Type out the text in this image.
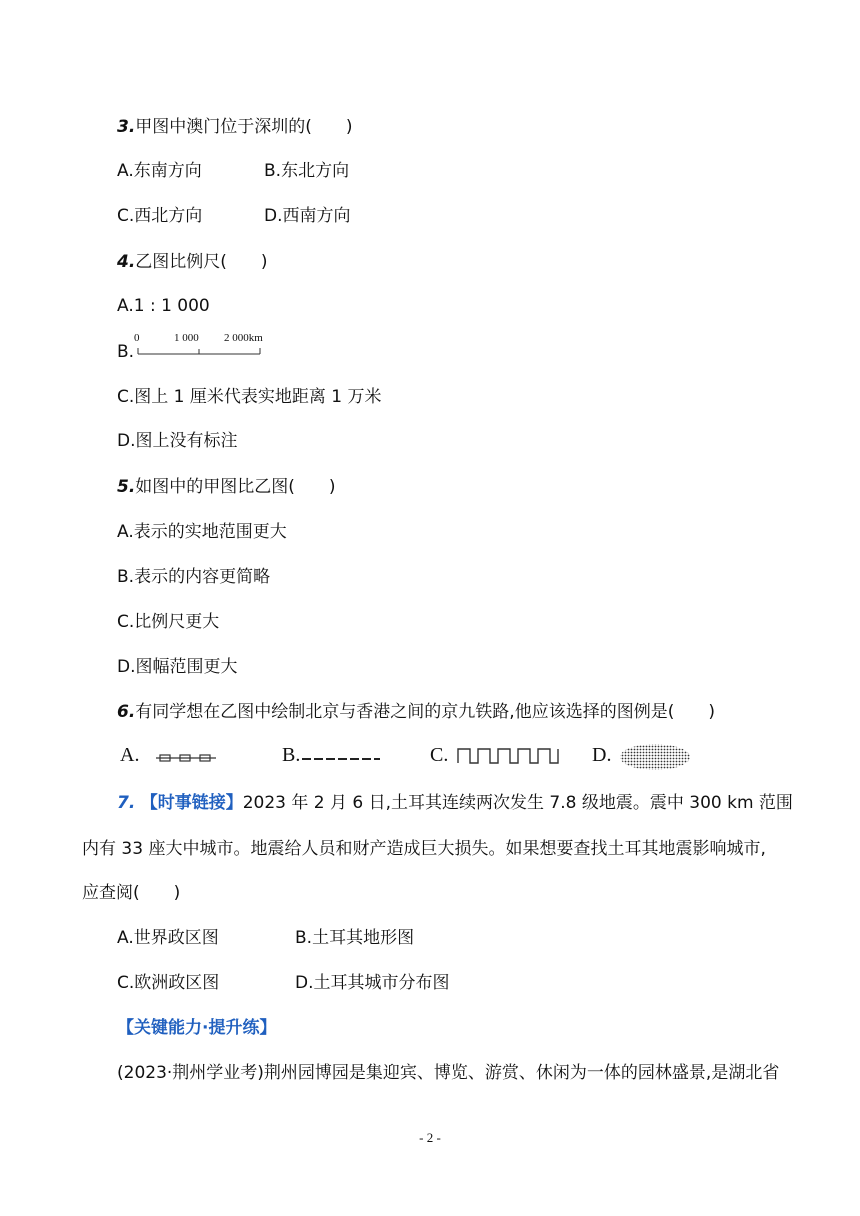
3.甲图中澳门位于深圳的(　　)
A.东南方向	B.东北方向
C.西北方向	D.西南方向
4.乙图比例尺(　　)
A.1 : 1 000
B.
0	1 000 2 000km
C.图上 1 厘米代表实地距离 1 万米
D.图上没有标注
5.如图中的甲图比乙图(　　)
A.表示的实地范围更大
B.表示的内容更简略
C.比例尺更大
D.图幅范围更大
6.有同学想在乙图中绘制北京与香港之间的京九铁路,他应该选择的图例是(　　)
A.	B.	C.	D.
7. 【时事链接】2023 年 2 月 6 日,土耳其连续两次发生 7.8 级地震。震中 300 km 范围
内有 33 座大中城市。地震给人员和财产造成巨大损失。如果想要查找土耳其地震影响城市,
应查阅(　　)
A.世界政区图	B.土耳其地形图
C.欧洲政区图	D.土耳其城市分布图
【关键能力·提升练】
(2023·荆州学业考)荆州园博园是集迎宾、博览、游赏、休闲为一体的园林盛景,是湖北省
- 2 -
